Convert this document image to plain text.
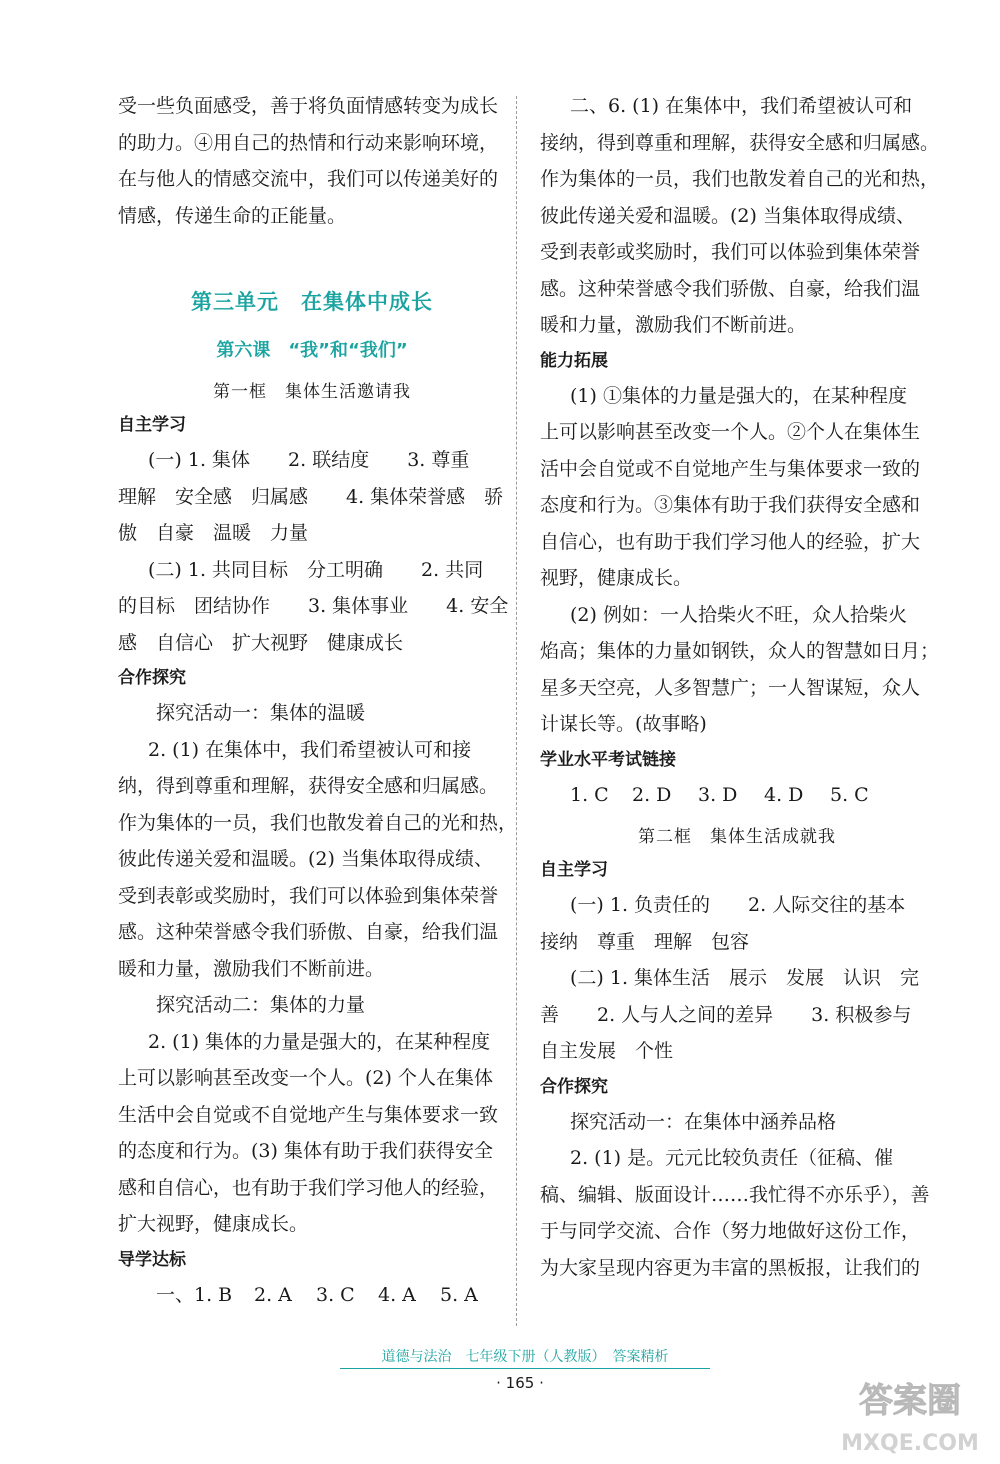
受一些负面感受，善于将负面情感转变为成长
的助力。④用自己的热情和行动来影响环境，
在与他人的情感交流中，我们可以传递美好的
情感，传递生命的正能量。
第三单元　在集体中成长
第六课　“我”和“我们”
第一框　集体生活邀请我
自主学习
(一) 1. 集体　　2. 联结度　　3. 尊重
理解　安全感　归属感　　4. 集体荣誉感　骄
傲　自豪　温暖　力量
(二) 1. 共同目标　分工明确　　2. 共同
的目标　团结协作　　3. 集体事业　　4. 安全
感　自信心　扩大视野　健康成长
合作探究
探究活动一：集体的温暖
2. (1) 在集体中，我们希望被认可和接
纳，得到尊重和理解，获得安全感和归属感。
作为集体的一员，我们也散发着自己的光和热，
彼此传递关爱和温暖。(2) 当集体取得成绩、
受到表彰或奖励时，我们可以体验到集体荣誉
感。这种荣誉感令我们骄傲、自豪，给我们温
暖和力量，激励我们不断前进。
探究活动二：集体的力量
2. (1) 集体的力量是强大的，在某种程度
上可以影响甚至改变一个人。(2) 个人在集体
生活中会自觉或不自觉地产生与集体要求一致
的态度和行为。(3) 集体有助于我们获得安全
感和自信心，也有助于我们学习他人的经验，
扩大视野，健康成长。
导学达标
一、1. B 2. A 3. C 4. A 5. A
二、6. (1) 在集体中，我们希望被认可和
接纳，得到尊重和理解，获得安全感和归属感。
作为集体的一员，我们也散发着自己的光和热，
彼此传递关爱和温暖。(2) 当集体取得成绩、
受到表彰或奖励时，我们可以体验到集体荣誉
感。这种荣誉感令我们骄傲、自豪，给我们温
暖和力量，激励我们不断前进。
能力拓展
(1) ①集体的力量是强大的，在某种程度
上可以影响甚至改变一个人。②个人在集体生
活中会自觉或不自觉地产生与集体要求一致的
态度和行为。③集体有助于我们获得安全感和
自信心，也有助于我们学习他人的经验，扩大
视野，健康成长。
(2) 例如：一人拾柴火不旺，众人拾柴火
焰高；集体的力量如钢铁，众人的智慧如日月；
星多天空亮，人多智慧广；一人智谋短，众人
计谋长等。(故事略)
学业水平考试链接
1. C 2. D 3. D 4. D 5. C
第二框　集体生活成就我
自主学习
(一) 1. 负责任的　　2. 人际交往的基本
接纳　尊重　理解　包容
(二) 1. 集体生活　展示　发展　认识　完
善　　2. 人与人之间的差异　　3. 积极参与
自主发展　个性
合作探究
探究活动一：在集体中涵养品格
2. (1) 是。元元比较负责任（征稿、催
稿、编辑、版面设计……我忙得不亦乐乎），善
于与同学交流、合作（努力地做好这份工作，
为大家呈现内容更为丰富的黑板报，让我们的
道德与法治　七年级下册（人教版）　答案精析
· 165 ·	答案圈
MXQE.COM
